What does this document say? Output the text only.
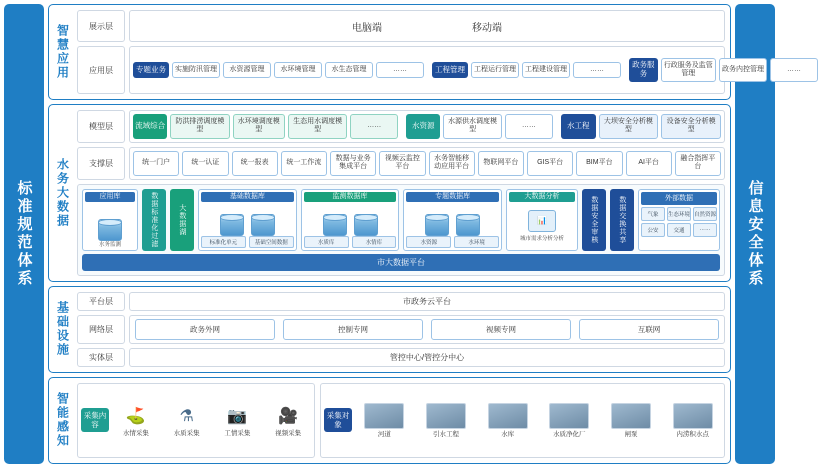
标准规范体系	信息安全体系
智慧应用	展示层	电脑端	移动端
应用层	专题业务	实施防汛管理	水资源管理	水环境管理	水生态管理	……	工程管理	工程运行管理	工程建设管理	……	政务服务
行政服务及监管管理
政务内控管理	……
水务大数据
模型层	流域综合	防洪排涝调度模型
水环境调度模型
生态用水调度模型
……	水资源	水源供水调度模型
……	水工程	大坝安全分析模型
设备安全分析模型
支撑层	统一门户	统一认证	统一报表	统一工作流
数据与业务集成平台
视频云监控平台
水务智能移动应用平台
物联网平台	GIS平台	BIM平台	AI平台
融合指挥平台
应用库
水务监测	数据标准化过滤	大数据湖
基础数据库
标准化单元	基础空间数据
监测数据库
水质库	水情库
专题数据库
水资源	水环境
大数据分析
📊
城市需求分析分析	数据安全审核	数据交换共享	外部数据
气象	生态环境 自然资源
公安	交通	……
市大数据平台
基础设施	平台层	市政务云平台
网络层	政务外网	控制专网	视频专网	互联网
实体层	管控中心/管控分中心
智能感知	采集内容
⛳
水情采集
⚗
水质采集
📷
工情采集
🎥
视频采集
采集对象
河道	引水工程	水库	水质净化厂	闸泵	内涝积水点
